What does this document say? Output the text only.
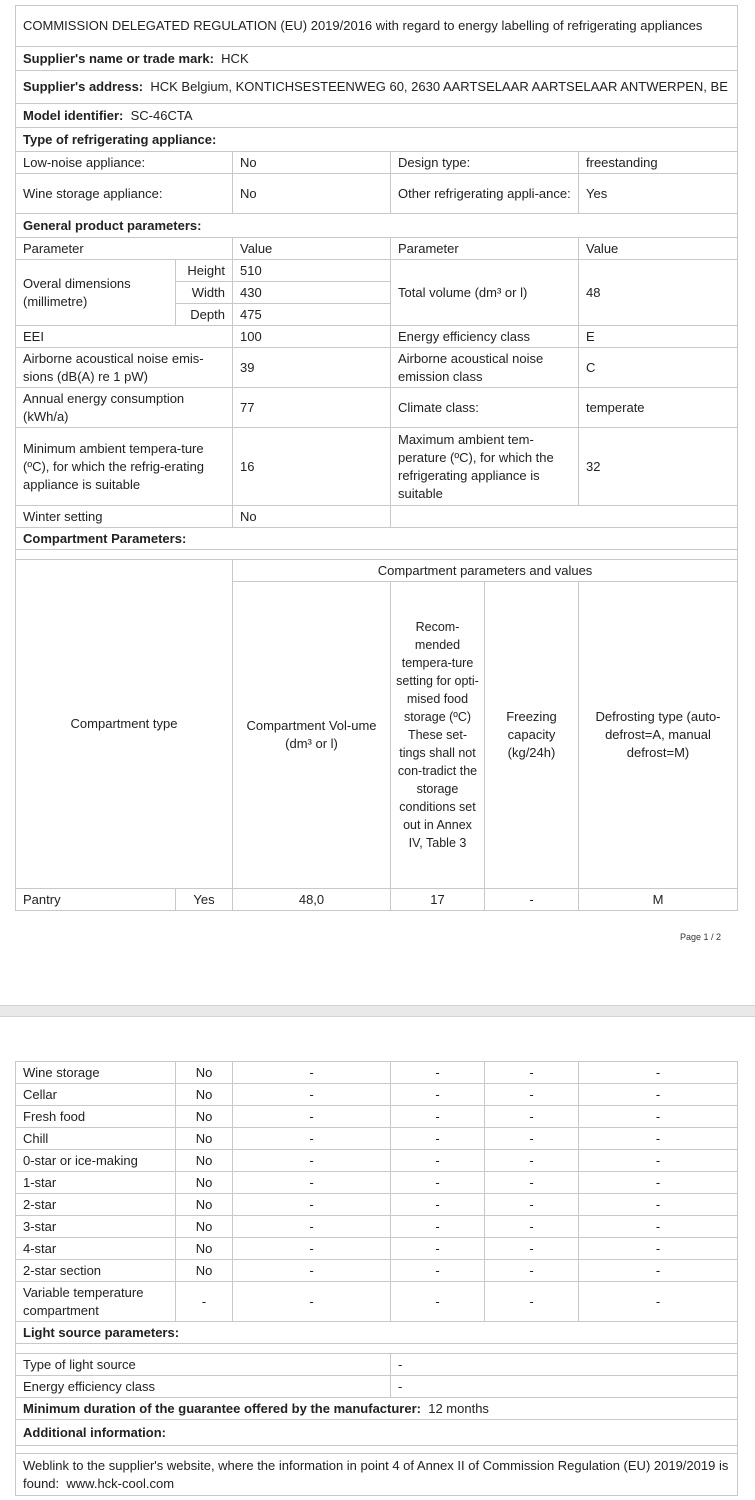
COMMISSION DELEGATED REGULATION (EU) 2019/2016 with regard to energy labelling of refrigerating appliances					
Supplier's name or trade mark: HCK					
Supplier's address: HCK Belgium, KONTICHSESTEENWEG 60, 2630 AARTSELAAR AARTSELAAR ANTWERPEN, BE					
Model identifier: SC-46CTA					
Type of refrigerating appliance:					
Low-noise appliance:		No	Design type:		freestanding
Wine storage appliance:		No	Other refrigerating appli-ance:		Yes
General product parameters:					
Parameter		Value	Parameter		Value
Overal dimensions (millimetre)	Height	510	Total volume (dm³ or l)		48
	Width	430			
	Depth	475			
EEI		100	Energy efficiency class		E
Airborne acoustical noise emis-sions (dB(A) re 1 pW)		39	Airborne acoustical noise emission class		C
Annual energy consumption (kWh/a)		77	Climate class:		temperate
Minimum ambient tempera-ture (ºC), for which the refrig-erating appliance is suitable		16	Maximum ambient tem-perature (ºC), for which the refrigerating appliance is suitable		32
Winter setting		No			
Compartment Parameters:					

Compartment type		Compartment parameters and values			
		Compartment Vol-ume (dm³ or l)	Recom-mended tempera-ture setting for opti-mised food storage (ºC) These set-tings shall not con-tradict the storage conditions set out in Annex IV, Table 3	Freezing capacity (kg/24h)	Defrosting type (auto-defrost=A, manual defrost=M)
Pantry	Yes	48,0	17	-	M
Page 1 / 2
Wine storage	No	-	-	-	-
Cellar	No	-	-	-	-
Fresh food	No	-	-	-	-
Chill	No	-	-	-	-
0-star or ice-making	No	-	-	-	-
1-star	No	-	-	-	-
2-star	No	-	-	-	-
3-star	No	-	-	-	-
4-star	No	-	-	-	-
2-star section	No	-	-	-	-
Variable temperature compartment	-	-	-	-	-
Light source parameters:					

Type of light source			-		
Energy efficiency class			-		
Minimum duration of the guarantee offered by the manufacturer: 12 months					
Additional information:					

Weblink to the supplier's website, where the information in point 4 of Annex II of Commission Regulation (EU) 2019/2019 is found: www.hck-cool.com					
